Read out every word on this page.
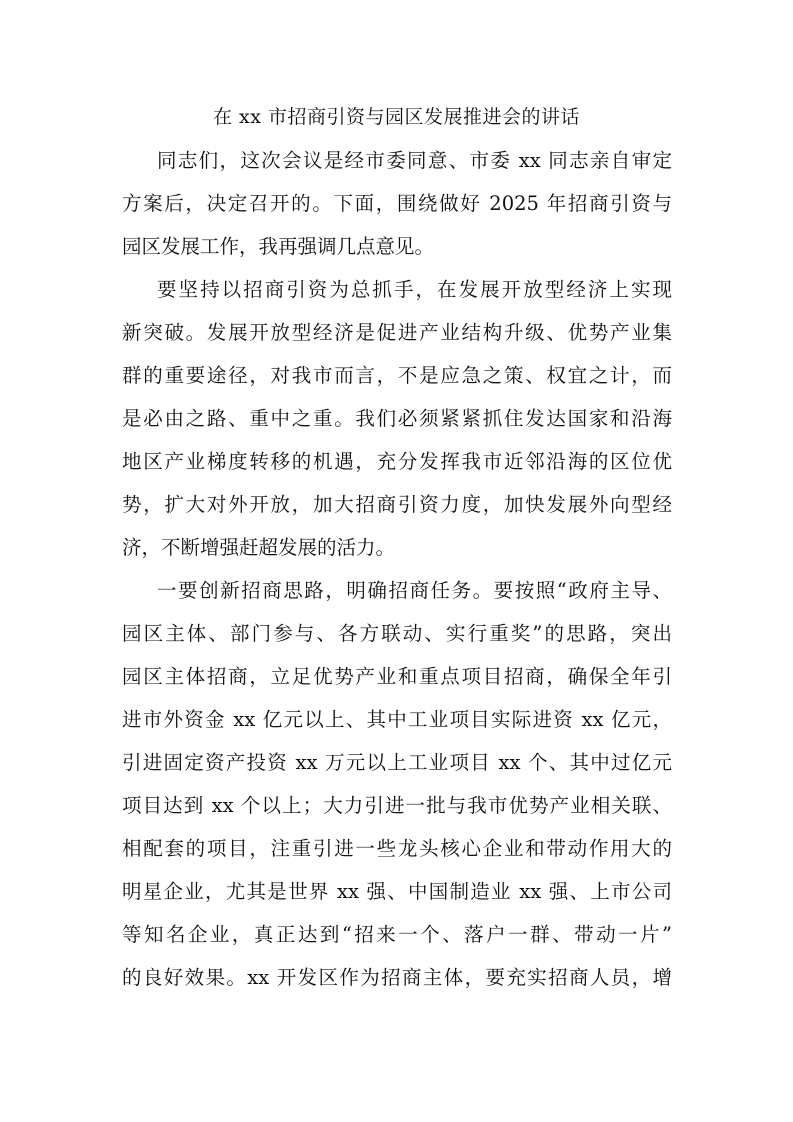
在 xx 市招商引资与园区发展推进会的讲话
同志们，这次会议是经市委同意、市委 xx 同志亲自审定
方案后，决定召开的。下面，围绕做好 2025 年招商引资与
园区发展工作，我再强调几点意见。
要坚持以招商引资为总抓手，在发展开放型经济上实现
新突破。发展开放型经济是促进产业结构升级、优势产业集
群的重要途径，对我市而言，不是应急之策、权宜之计，而
是必由之路、重中之重。我们必须紧紧抓住发达国家和沿海
地区产业梯度转移的机遇，充分发挥我市近邻沿海的区位优
势，扩大对外开放，加大招商引资力度，加快发展外向型经
济，不断增强赶超发展的活力。
一要创新招商思路，明确招商任务。要按照“政府主导、
园区主体、部门参与、各方联动、实行重奖”的思路，突出
园区主体招商，立足优势产业和重点项目招商，确保全年引
进市外资金 xx 亿元以上、其中工业项目实际进资 xx 亿元，
引进固定资产投资 xx 万元以上工业项目 xx 个、其中过亿元
项目达到 xx 个以上；大力引进一批与我市优势产业相关联、
相配套的项目，注重引进一些龙头核心企业和带动作用大的
明星企业，尤其是世界 xx 强、中国制造业 xx 强、上市公司
等知名企业，真正达到“招来一个、落户一群、带动一片”
的良好效果。xx 开发区作为招商主体，要充实招商人员，增
